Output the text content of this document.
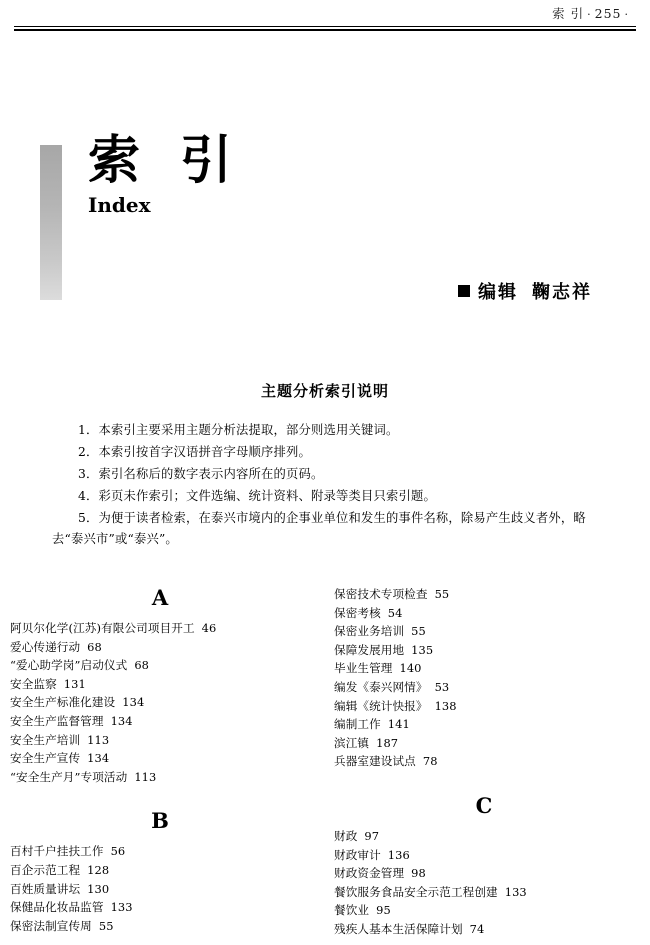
索 引 · 255 ·
索引
Index
编辑 鞠志祥
主题分析索引说明

1．本索引主要采用主题分析法提取，部分则选用关键词。

2．本索引按首字汉语拼音字母顺序排列。

3．索引名称后的数字表示内容所在的页码。

4．彩页未作索引；文件选编、统计资料、附录等类目只索引题。

5．为便于读者检索，在泰兴市境内的企事业单位和发生的事件名称，除易产生歧义者外，略去“泰兴市”或“泰兴”。

A
阿贝尔化学(江苏)有限公司项目开工 46
爱心传递行动 68
“爱心助学岗”启动仪式 68
安全监察 131
安全生产标准化建设 134
安全生产监督管理 134
安全生产培训 113
安全生产宣传 134
“安全生产月”专项活动 113
B
百村千户挂扶工作 56
百企示范工程 128
百姓质量讲坛 130
保健品化妆品监管 133
保密法制宣传周 55
保密技术专项检查 55
保密考核 54
保密业务培训 55
保障发展用地 135
毕业生管理 140
编发《泰兴网情》 53
编辑《统计快报》 138
编制工作 141
滨江镇 187
兵器室建设试点 78
C
财政 97
财政审计 136
财政资金管理 98
餐饮服务食品安全示范工程创建 133
餐饮业 95
残疾人基本生活保障计划 74
